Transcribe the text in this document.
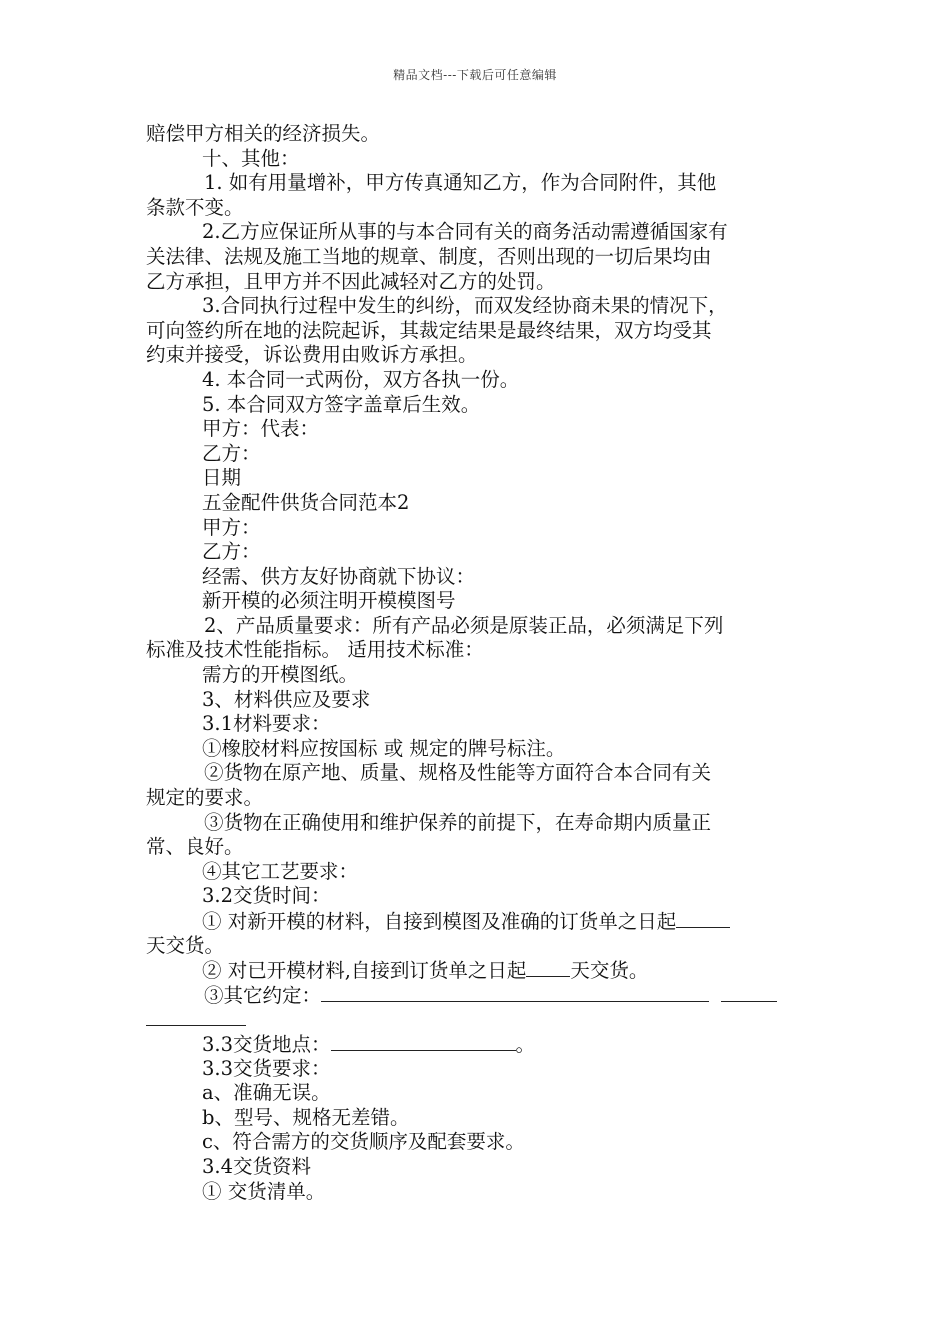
精品文档---下载后可任意编辑
赔偿甲方相关的经济损失。
十、其他：
1. 如有用量增补，甲方传真通知乙方，作为合同附件，其他
条款不变。
2.乙方应保证所从事的与本合同有关的商务活动需遵循国家有
关法律、法规及施工当地的规章、制度，否则出现的一切后果均由
乙方承担，且甲方并不因此减轻对乙方的处罚。
3.合同执行过程中发生的纠纷，而双发经协商未果的情况下，
可向签约所在地的法院起诉，其裁定结果是最终结果，双方均受其
约束并接受，诉讼费用由败诉方承担。
4. 本合同一式两份，双方各执一份。
5. 本合同双方签字盖章后生效。
甲方：代表：
乙方：
日期
五金配件供货合同范本2
甲方：
乙方：
经需、供方友好协商就下协议：
新开模的必须注明开模模图号
2、产品质量要求：所有产品必须是原装正品，必须满足下列
标准及技术性能指标。 适用技术标准：
需方的开模图纸。
3、材料供应及要求
3.1材料要求：
①橡胶材料应按国标 或 规定的牌号标注。
②货物在原产地、质量、规格及性能等方面符合本合同有关
规定的要求。
③货物在正确使用和维护保养的前提下，在寿命期内质量正
常、良好。
④其它工艺要求：
3.2交货时间：
① 对新开模的材料，自接到模图及准确的订货单之日起
天交货。
② 对已开模材料,自接到订货单之日起 天交货。
③其它约定：
3.3交货地点：	。
3.3交货要求：
a、准确无误。
b、型号、规格无差错。
c、符合需方的交货顺序及配套要求。
3.4交货资料
① 交货清单。
